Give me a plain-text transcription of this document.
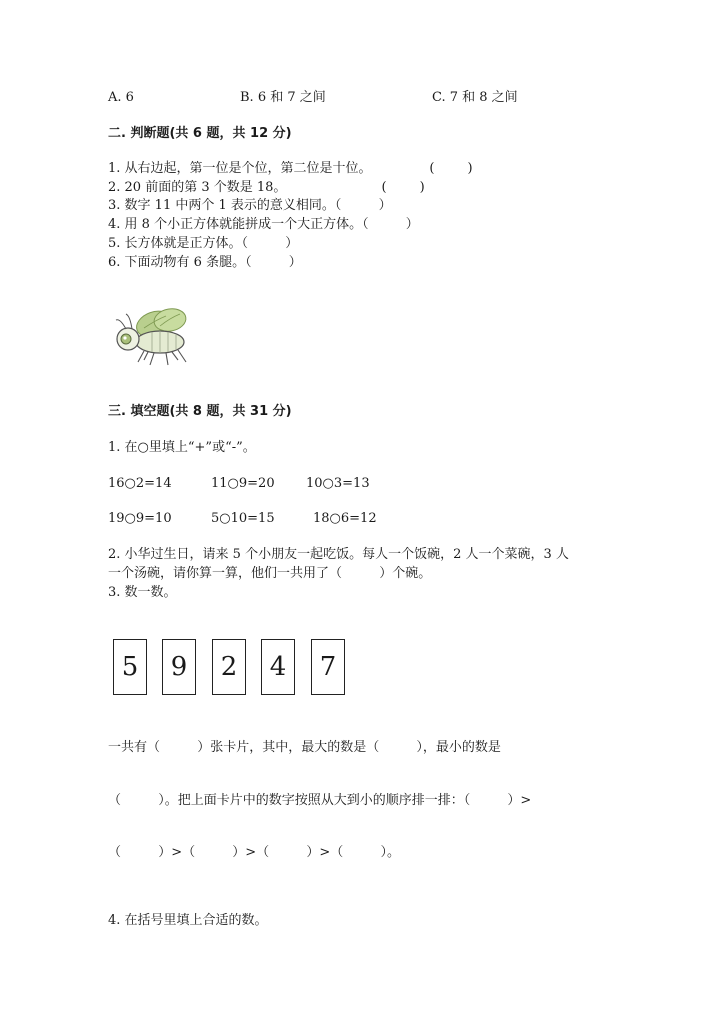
A. 6	B. 6 和 7 之间	C. 7 和 8 之间
二. 判断题(共 6 题，共 12 分)
1. 从右边起，第一位是个位，第二位是十位。              (        )
2. 20 前面的第 3 个数是 18。                       (        )
3. 数字 11 中两个 1 表示的意义相同。（         ）
4. 用 8 个小正方体就能拼成一个大正方体。（         ）
5. 长方体就是正方体。（         ）
6. 下面动物有 6 条腿。（         ）
三. 填空题(共 8 题，共 31 分)
1. 在○里填上“+”或“-”。
16○2=14	11○9=20 10○3=13
19○9=10	5○10=15	18○6=12
2. 小华过生日，请来 5 个小朋友一起吃饭。每人一个饭碗，2 人一个菜碗，3 人
一个汤碗，请你算一算，他们一共用了（         ）个碗。
3. 数一数。
5	9	2	4	7
一共有（         ）张卡片，其中，最大的数是（         ），最小的数是
（         ）。把上面卡片中的数字按照从大到小的顺序排一排：（         ）>
（         ）>（         ）>（         ）>（         ）。
4. 在括号里填上合适的数。
